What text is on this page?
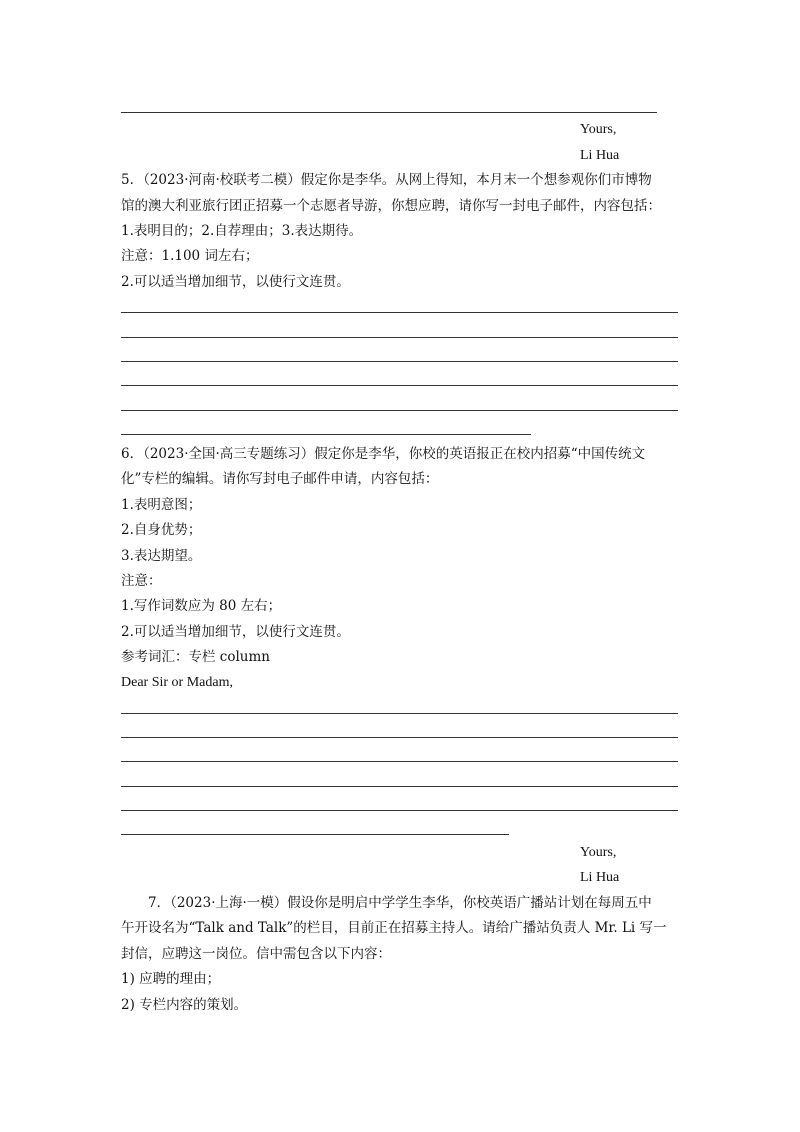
Yours,
Li Hua
5．（2023·河南·校联考二模）假定你是李华。从网上得知，本月末一个想参观你们市博物
馆的澳大利亚旅行团正招募一个志愿者导游，你想应聘，请你写一封电子邮件，内容包括：
1.表明目的；2.自荐理由；3.表达期待。
注意：1.100 词左右；
2.可以适当增加细节，以使行文连贯。
6．（2023·全国·高三专题练习）假定你是李华，你校的英语报正在校内招募“中国传统文
化”专栏的编辑。请你写封电子邮件申请，内容包括：
1.表明意图；
2.自身优势；
3.表达期望。
注意：
1.写作词数应为 80 左右；
2.可以适当增加细节，以使行文连贯。
参考词汇：专栏 column
Dear Sir or Madam,
Yours,
Li Hua
7．（2023·上海·一模）假设你是明启中学学生李华，你校英语广播站计划在每周五中
午开设名为“Talk and Talk”的栏目，目前正在招募主持人。请给广播站负责人 Mr. Li 写一
封信，应聘这一岗位。信中需包含以下内容：
1) 应聘的理由；
2) 专栏内容的策划。
